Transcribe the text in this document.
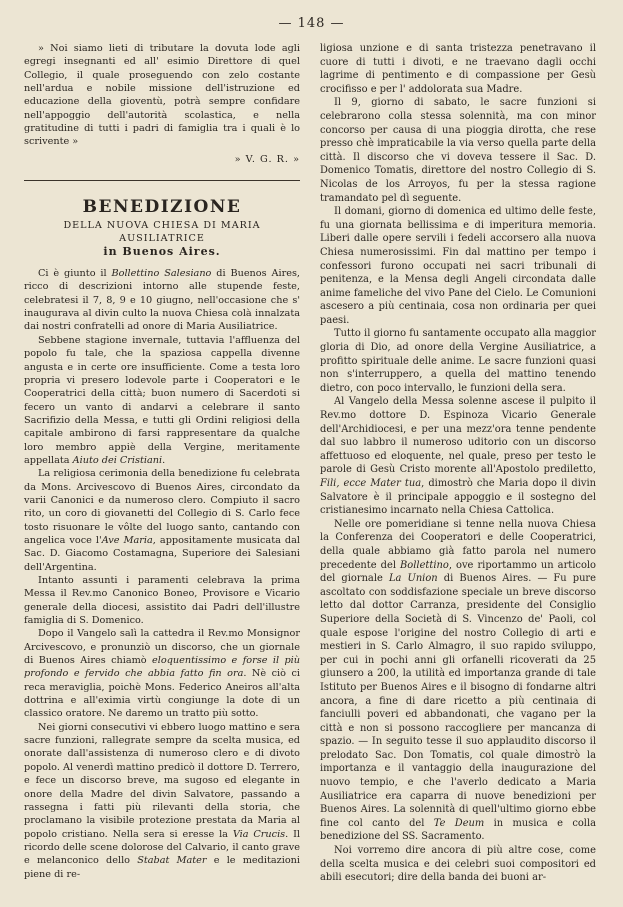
— 148 —

» Noi siamo lieti di tributare la dovuta lode agli egregi insegnanti ed all' esimio Direttore di quel Collegio, il quale proseguendo con zelo costante nell'ardua e nobile missione dell'istruzione ed educazione della gioventù, potrà sempre confidare nell'appoggio dell'autorità scolastica, e nella gratitudine di tutti i padri di famiglia tra i quali è lo scrivente »

» V. G. R. »
BENEDIZIONE
DELLA NUOVA CHIESA DI MARIA AUSILIATRICE
in Buenos Aires.

Ci è giunto il Bollettino Salesiano di Buenos Aires, ricco di descrizioni intorno alle stupende feste, celebratesi il 7, 8, 9 e 10 giugno, nell'occasione che s' inaugurava al divin culto la nuova Chiesa colà innalzata dai nostri confratelli ad onore di Maria Ausiliatrice.

Sebbene stagione invernale, tuttavia l'affluenza del popolo fu tale, che la spaziosa cappella divenne angusta e in certe ore insufficiente. Come a testa loro propria vi presero lodevole parte i Cooperatori e le Cooperatrici della città; buon numero di Sacerdoti si fecero un vanto di andarvi a celebrare il santo Sacrifizio della Messa, e tutti gli Ordini religiosi della capitale ambirono di farsi rappresentare da qualche loro membro appiè della Vergine, meritamente appellata Aiuto dei Cristiani.

La religiosa cerimonia della benedizione fu celebrata da Mons. Arcivescovo di Buenos Aires, circondato da varii Canonici e da numeroso clero. Compiuto il sacro rito, un coro di giovanetti del Collegio di S. Carlo fece tosto risuonare le vôlte del luogo santo, cantando con angelica voce l'Ave Maria, appositamente musicata dal Sac. D. Giacomo Costamagna, Superiore dei Salesiani dell'Argentina.

Intanto assunti i paramenti celebrava la prima Messa il Rev.mo Canonico Boneo, Provisore e Vicario generale della diocesi, assistito dai Padri dell'illustre famiglia di S. Domenico.

Dopo il Vangelo salì la cattedra il Rev.mo Monsignor Arcivescovo, e pronunziò un discorso, che un giornale di Buenos Aires chiamò eloquentissimo e forse il più profondo e fervido che abbia fatto fin ora. Nè ciò ci reca meraviglia, poichè Mons. Federico Aneiros all'alta dottrina e all'eximia virtù congiunge la dote di un classico oratore. Ne daremo un tratto più sotto.

Nei giorni consecutivi vi ebbero luogo mattino e sera sacre funzioni, rallegrate sempre da scelta musica, ed onorate dall'assistenza di numeroso clero e di divoto popolo. Al venerdì mattino predicò il dottore D. Terrero, e fece un discorso breve, ma sugoso ed elegante in onore della Madre del divin Salvatore, passando a rassegna i fatti più rilevanti della storia, che proclamano la visibile protezione prestata da Maria al popolo cristiano. Nella sera si eresse la Via Crucis. Il ricordo delle scene dolorose del Calvario, il canto grave e melanconico dello Stabat Mater e le meditazioni piene di re-

ligiosa unzione e di santa tristezza penetravano il cuore di tutti i divoti, e ne traevano dagli occhi lagrime di pentimento e di compassione per Gesù crocifisso e per l' addolorata sua Madre.

Il 9, giorno di sabato, le sacre funzioni si celebrarono colla stessa solennità, ma con minor concorso per causa di una pioggia dirotta, che rese presso chè impraticabile la via verso quella parte della città. Il discorso che vi doveva tessere il Sac. D. Domenico Tomatis, direttore del nostro Collegio di S. Nicolas de los Arroyos, fu per la stessa ragione tramandato pel dì seguente.

Il domani, giorno di domenica ed ultimo delle feste, fu una giornata bellissima e di imperitura memoria. Liberi dalle opere servili i fedeli accorsero alla nuova Chiesa numerosissimi. Fin dal mattino per tempo i confessori furono occupati nei sacri tribunali di penitenza, e la Mensa degli Angeli circondata dalle anime fameliche del vivo Pane del Cielo. Le Comunioni ascesero a più centinaia, cosa non ordinaria per quei paesi.

Tutto il giorno fu santamente occupato alla maggior gloria di Dio, ad onore della Vergine Ausiliatrice, a profitto spirituale delle anime. Le sacre funzioni quasi non s'interruppero, a quella del mattino tenendo dietro, con poco intervallo, le funzioni della sera.

Al Vangelo della Messa solenne ascese il pulpito il Rev.mo dottore D. Espinoza Vicario Generale dell'Archidiocesi, e per una mezz'ora tenne pendente dal suo labbro il numeroso uditorio con un discorso affettuoso ed eloquente, nel quale, preso per testo le parole di Gesù Cristo morente all'Apostolo prediletto, Fili, ecce Mater tua, dimostrò che Maria dopo il divin Salvatore è il principale appoggio e il sostegno del cristianesimo incarnato nella Chiesa Cattolica.

Nelle ore pomeridiane si tenne nella nuova Chiesa la Conferenza dei Cooperatori e delle Cooperatrici, della quale abbiamo già fatto parola nel numero precedente del Bollettino, ove riportammo un articolo del giornale La Union di Buenos Aires. — Fu pure ascoltato con soddisfazione speciale un breve discorso letto dal dottor Carranza, presidente del Consiglio Superiore della Società di S. Vincenzo de' Paoli, col quale espose l'origine del nostro Collegio di arti e mestieri in S. Carlo Almagro, il suo rapido sviluppo, per cui in pochi anni gli orfanelli ricoverati da 25 giunsero a 200, la utilità ed importanza grande di tale Istituto per Buenos Aires e il bisogno di fondarne altri ancora, a fine di dare ricetto a più centinaia di fanciulli poveri ed abbandonati, che vagano per la città e non si possono raccogliere per mancanza di spazio. — In seguito tesse il suo applaudito discorso il prelodato Sac. Don Tomatis, col quale dimostrò la importanza e il vantaggio della inaugurazione del nuovo tempio, e che l'averlo dedicato a Maria Ausiliatrice era caparra di nuove benedizioni per Buenos Aires. La solennità di quell'ultimo giorno ebbe fine col canto del Te Deum in musica e colla benedizione del SS. Sacramento.

Noi vorremo dire ancora di più altre cose, come della scelta musica e dei celebri suoi compositori ed abili esecutori; dire della banda dei buoni ar-
